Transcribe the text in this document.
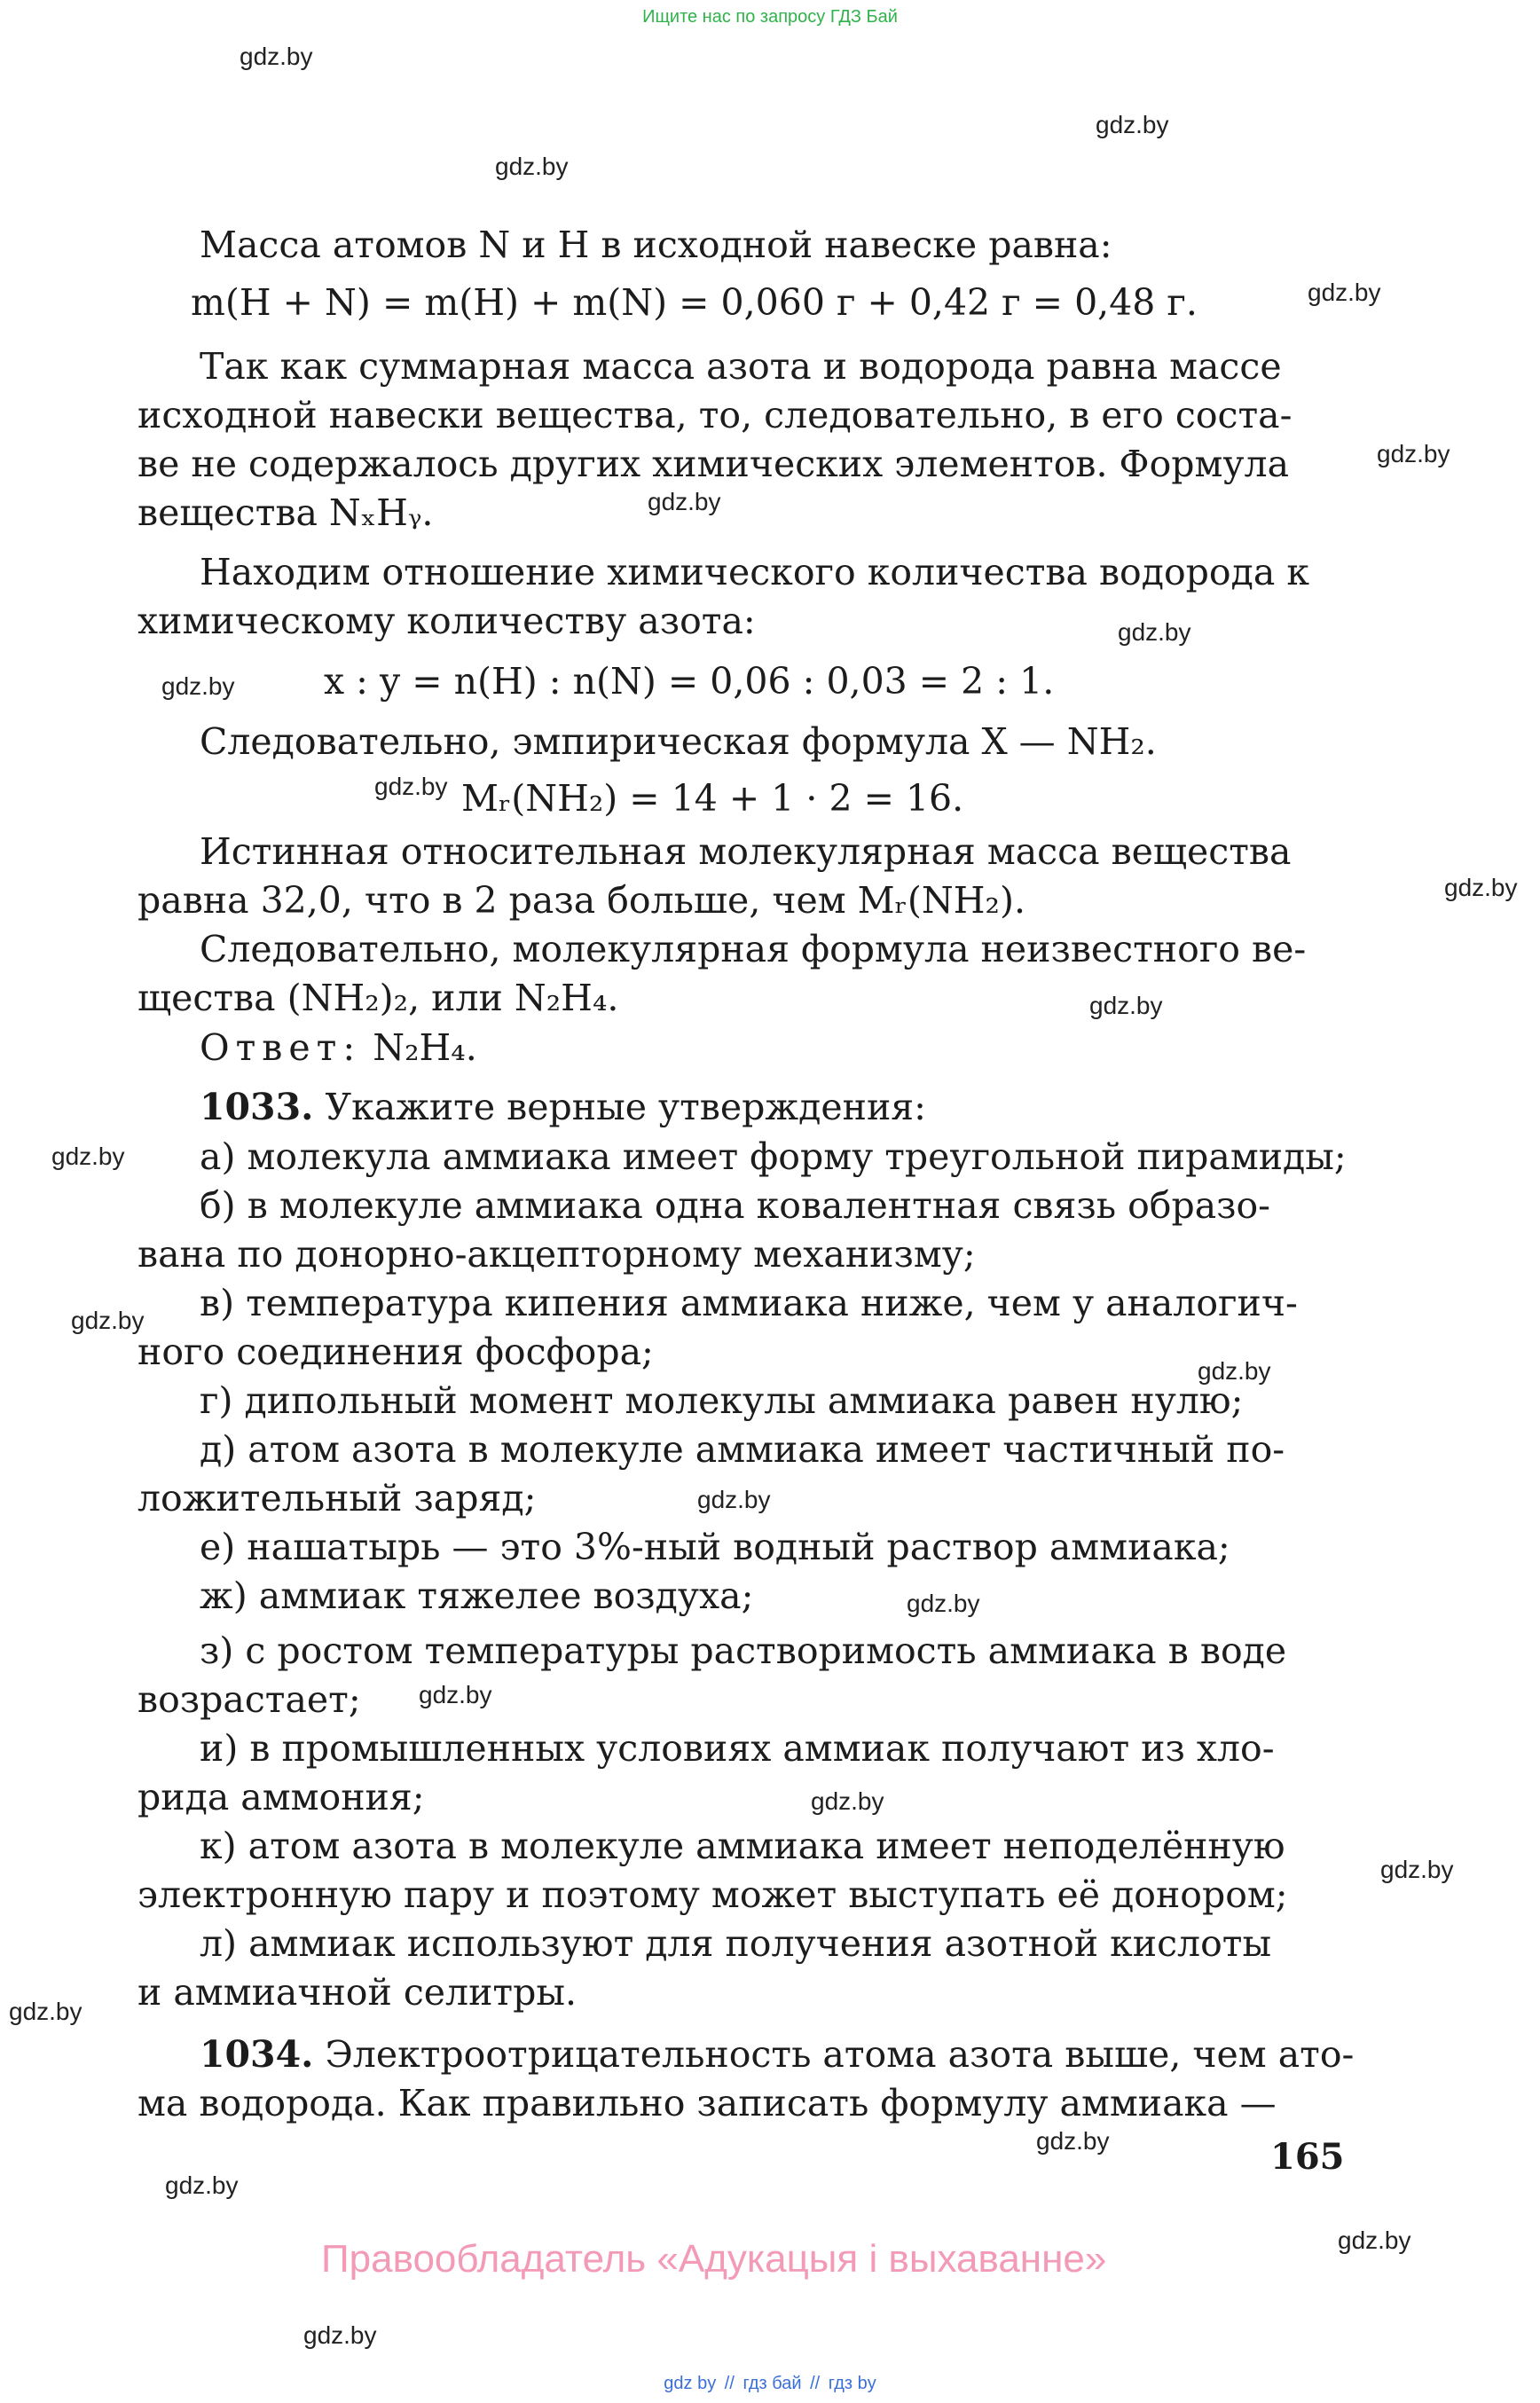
Ищите нас по запросу ГДЗ Бай
gdz.by
gdz.by
gdz.by
gdz.by
gdz.by
gdz.by
gdz.by
gdz.by
gdz.by
gdz.by
gdz.by
gdz.by
gdz.by
gdz.by
gdz.by
gdz.by
gdz.by
gdz.by
gdz.by
gdz.by
gdz.by
gdz.by
gdz.by
gdz.by
Масса атомов N и H в исходной навеске равна:
m(H + N) = m(H) + m(N) = 0,060 г + 0,42 г = 0,48 г.
Так как суммарная масса азота и водорода равна массе
исходной навески вещества, то, следовательно, в его соста-
ве не содержалось других химических элементов. Формула
вещества NₓHᵧ.
Находим отношение химического количества водорода к
химическому количеству азота:
x : y = n(H) : n(N) = 0,06 : 0,03 = 2 : 1.
Следовательно, эмпирическая формула X — NH₂.
Mᵣ(NH₂) = 14 + 1 · 2 = 16.
Истинная относительная молекулярная масса вещества
равна 32,0, что в 2 раза больше, чем Mᵣ(NH₂).
Следовательно, молекулярная формула неизвестного ве-
щества (NH₂)₂, или N₂H₄.
Ответ: N₂H₄.
1033. Укажите верные утверждения:
а) молекула аммиака имеет форму треугольной пирамиды;
б) в молекуле аммиака одна ковалентная связь образо-
вана по донорно-акцепторному механизму;
в) температура кипения аммиака ниже, чем у аналогич-
ного соединения фосфора;
г) дипольный момент молекулы аммиака равен нулю;
д) атом азота в молекуле аммиака имеет частичный по-
ложительный заряд;
е) нашатырь — это 3%-ный водный раствор аммиака;
ж) аммиак тяжелее воздуха;
з) с ростом температуры растворимость аммиака в воде
возрастает;
и) в промышленных условиях аммиак получают из хло-
рида аммония;
к) атом азота в молекуле аммиака имеет неподелённую
электронную пару и поэтому может выступать её донором;
л) аммиак используют для получения азотной кислоты
и аммиачной селитры.
1034. Электроотрицательность атома азота выше, чем ато-
ма водорода. Как правильно записать формулу аммиака —
165
Правообладатель «Адукацыя і выхаванне»
gdz by // гдз бай // гдз by
